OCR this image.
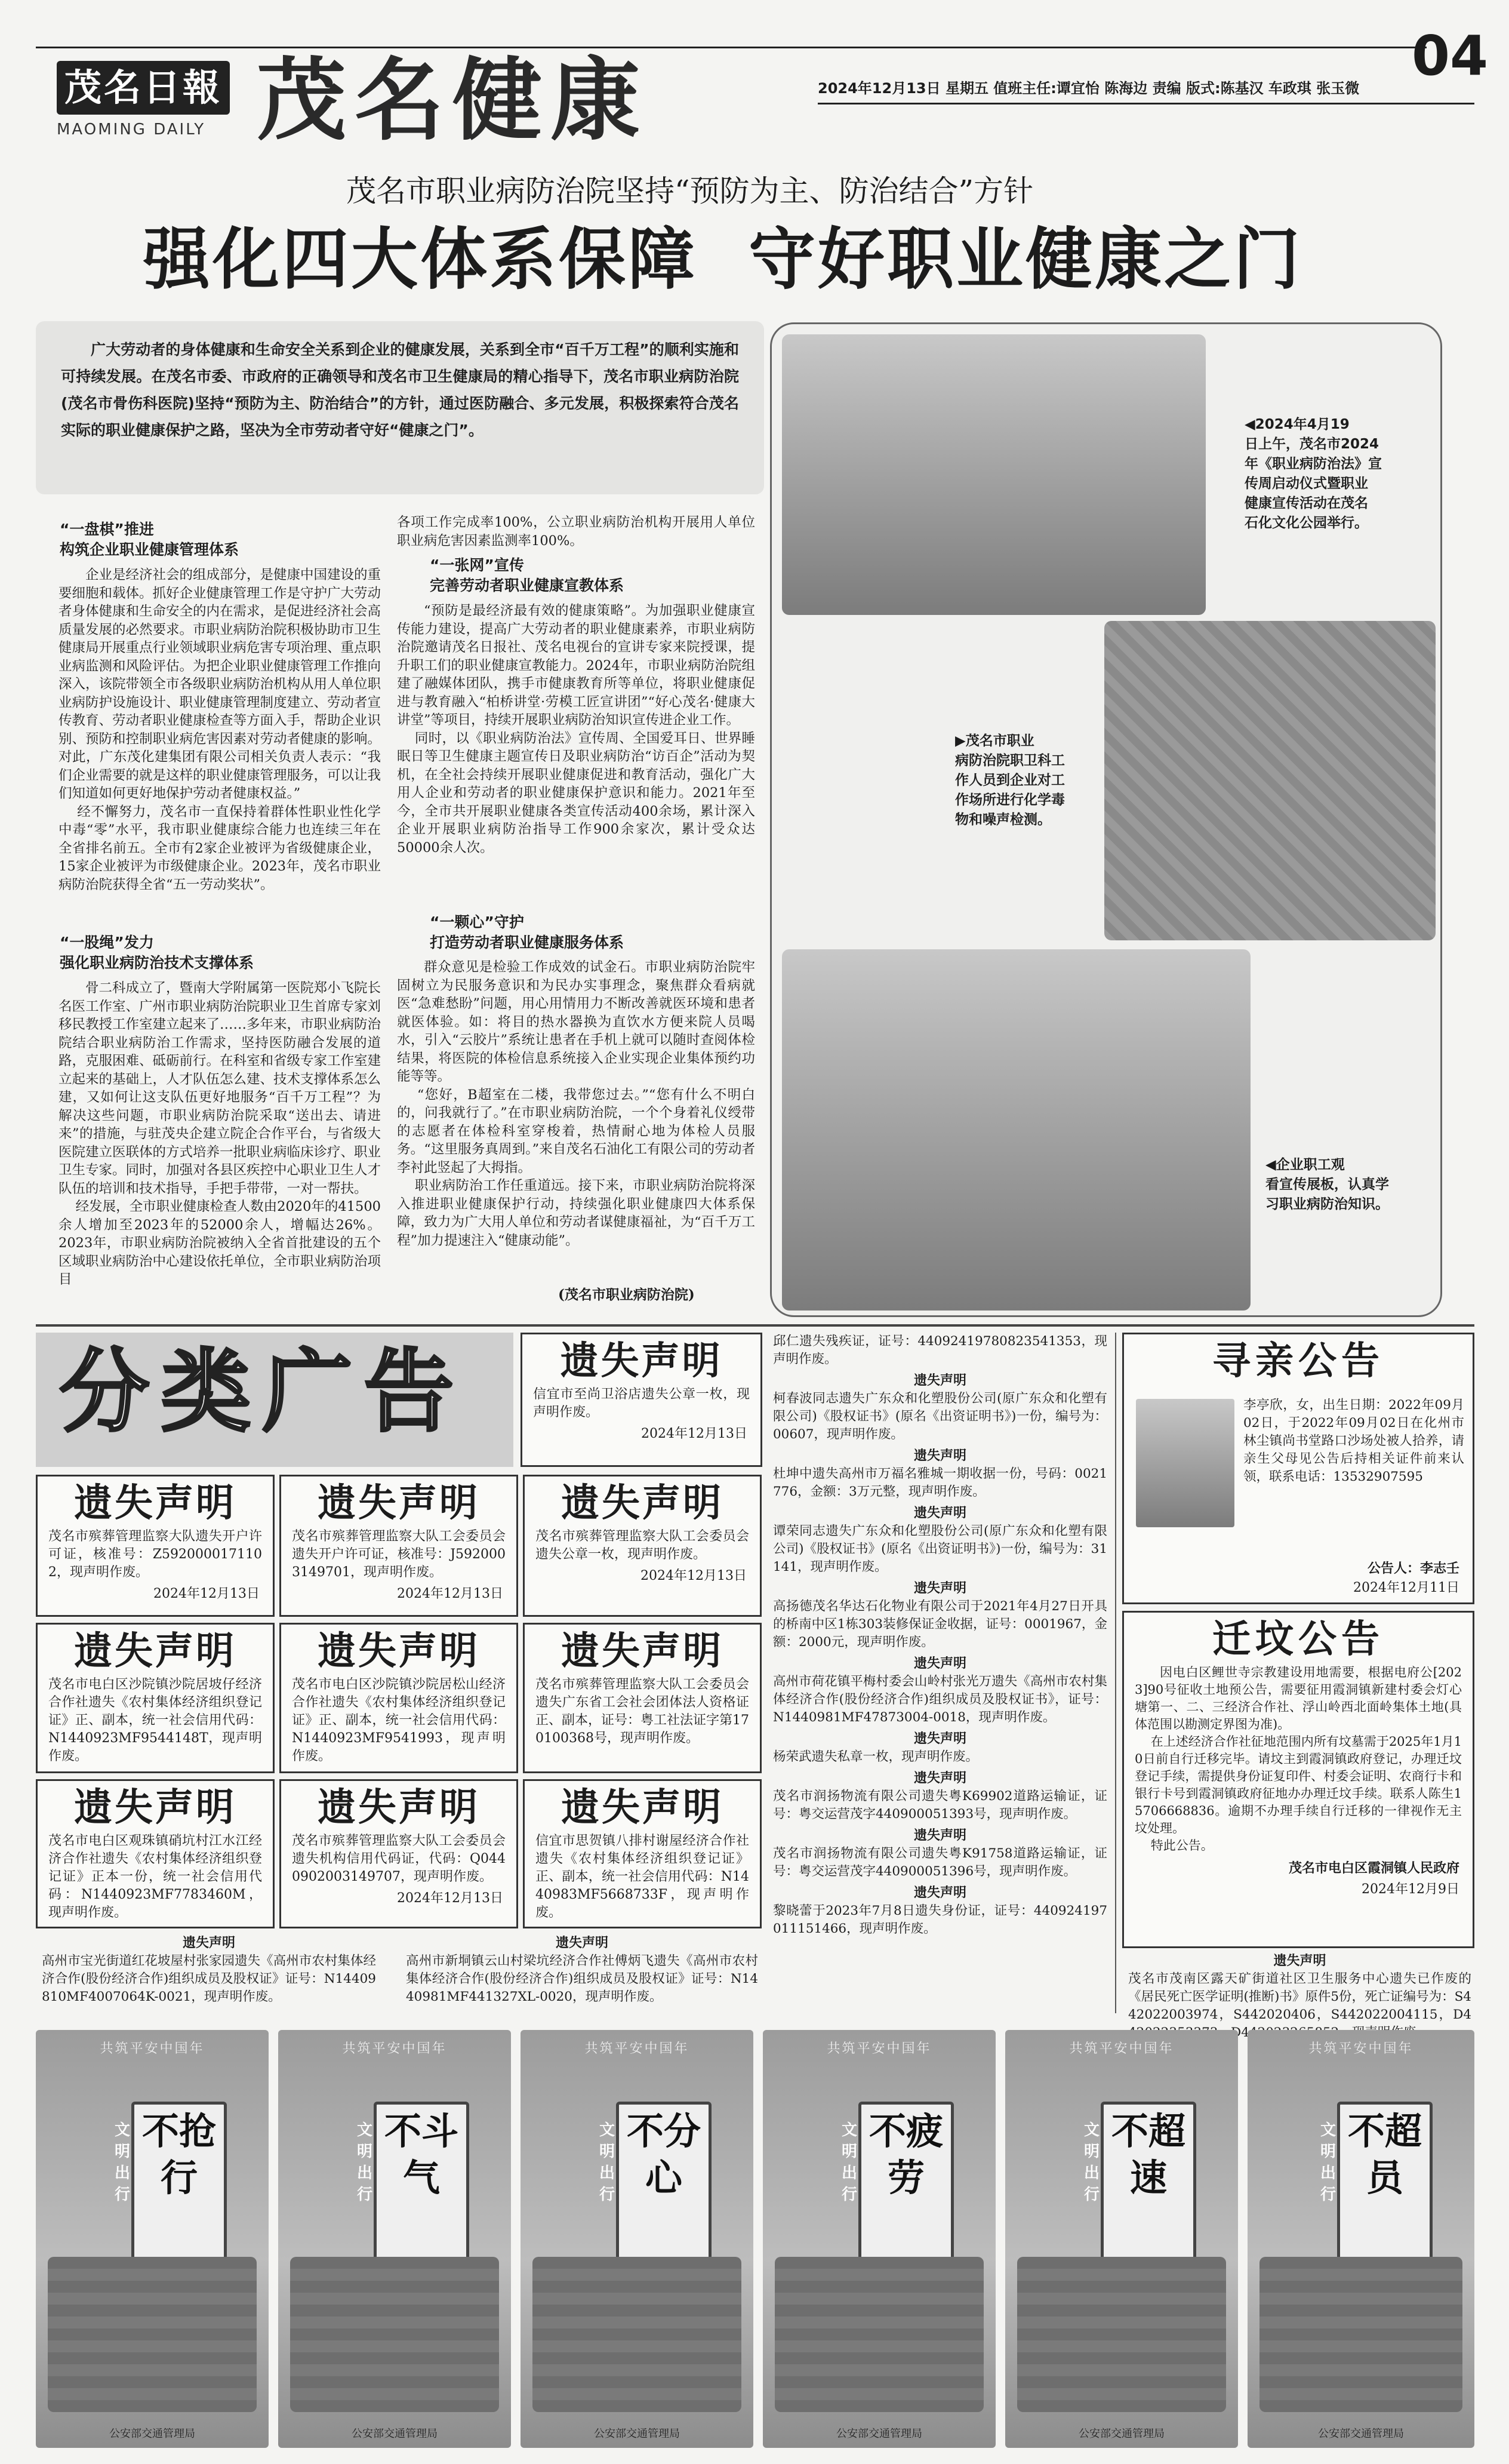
茂名日報
MAOMING DAILY 茂名健康	2024年12月13日 星期五 值班主任:谭宜怡 陈海边 责编 版式:陈基汉 车政琪 张玉微
04
茂名市职业病防治院坚持“预防为主、防治结合”方针
强化四大体系保障  守好职业健康之门
广大劳动者的身体健康和生命安全关系到企业的健康发展，关系到全市“百千万工程”的顺利实施和可持续发展。在茂名市委、市政府的正确领导和茂名市卫生健康局的精心指导下，茂名市职业病防治院(茂名市骨伤科医院)坚持“预防为主、防治结合”的方针，通过医防融合、多元发展，积极探索符合茂名实际的职业健康保护之路，坚决为全市劳动者守好“健康之门”。
“一盘棋”推进
构筑企业职业健康管理体系
企业是经济社会的组成部分，是健康中国建设的重要细胞和载体。抓好企业健康管理工作是守护广大劳动者身体健康和生命安全的内在需求，是促进经济社会高质量发展的必然要求。市职业病防治院积极协助市卫生健康局开展重点行业领域职业病危害专项治理、重点职业病监测和风险评估。为把企业职业健康管理工作推向深入，该院带领全市各级职业病防治机构从用人单位职业病防护设施设计、职业健康管理制度建立、劳动者宣传教育、劳动者职业健康检查等方面入手，帮助企业识别、预防和控制职业病危害因素对劳动者健康的影响。对此，广东茂化建集团有限公司相关负责人表示：“我们企业需要的就是这样的职业健康管理服务，可以让我们知道如何更好地保护劳动者健康权益。”
经不懈努力，茂名市一直保持着群体性职业性化学中毒“零”水平，我市职业健康综合能力也连续三年在全省排名前五。全市有2家企业被评为省级健康企业，15家企业被评为市级健康企业。2023年，茂名市职业病防治院获得全省“五一劳动奖状”。
“一股绳”发力
强化职业病防治技术支撑体系
骨二科成立了，暨南大学附属第一医院郑小飞院长名医工作室、广州市职业病防治院职业卫生首席专家刘移民教授工作室建立起来了……多年来，市职业病防治院结合职业病防治工作需求，坚持医防融合发展的道路，克服困难、砥砺前行。在科室和省级专家工作室建立起来的基础上，人才队伍怎么建、技术支撑体系怎么建，又如何让这支队伍更好地服务“百千万工程”？为解决这些问题，市职业病防治院采取“送出去、请进来”的措施，与驻茂央企建立院企合作平台，与省级大医院建立医联体的方式培养一批职业病临床诊疗、职业卫生专家。同时，加强对各县区疾控中心职业卫生人才队伍的培训和技术指导，手把手带带，一对一帮扶。
经发展，全市职业健康检查人数由2020年的41500余人增加至2023年的52000余人，增幅达26%。2023年，市职业病防治院被纳入全省首批建设的五个区域职业病防治中心建设依托单位，全市职业病防治项目
各项工作完成率100%，公立职业病防治机构开展用人单位职业病危害因素监测率100%。
“一张网”宣传
完善劳动者职业健康宣教体系
“预防是最经济最有效的健康策略”。为加强职业健康宣传能力建设，提高广大劳动者的职业健康素养，市职业病防治院邀请茂名日报社、茂名电视台的宣讲专家来院授课，提升职工们的职业健康宣教能力。2024年，市职业病防治院组建了融媒体团队，携手市健康教育所等单位，将职业健康促进与教育融入“柏桥讲堂·劳模工匠宣讲团”“好心茂名·健康大讲堂”等项目，持续开展职业病防治知识宣传进企业工作。
同时，以《职业病防治法》宣传周、全国爱耳日、世界睡眠日等卫生健康主题宣传日及职业病防治“访百企”活动为契机，在全社会持续开展职业健康促进和教育活动，强化广大用人企业和劳动者的职业健康保护意识和能力。2021年至今，全市共开展职业健康各类宣传活动400余场，累计深入企业开展职业病防治指导工作900余家次，累计受众达50000余人次。
“一颗心”守护
打造劳动者职业健康服务体系
群众意见是检验工作成效的试金石。市职业病防治院牢固树立为民服务意识和为民办实事理念，聚焦群众看病就医“急难愁盼”问题，用心用情用力不断改善就医环境和患者就医体验。如：将目的热水器换为直饮水方便来院人员喝水，引入“云胶片”系统让患者在手机上就可以随时查阅体检结果，将医院的体检信息系统接入企业实现企业集体预约功能等等。
“您好，B超室在二楼，我带您过去。”“您有什么不明白的，问我就行了。”在市职业病防治院，一个个身着礼仪绶带的志愿者在体检科室穿梭着，热情耐心地为体检人员服务。“这里服务真周到。”来自茂名石油化工有限公司的劳动者李衬此竖起了大拇指。
职业病防治工作任重道远。接下来，市职业病防治院将深入推进职业健康保护行动，持续强化职业健康四大体系保障，致力为广大用人单位和劳动者谋健康福祉，为“百千万工程”加力提速注入“健康动能”。
(茂名市职业病防治院)
◀2024年4月19
日上午，茂名市2024
年《职业病防治法》宣
传周启动仪式暨职业
健康宣传活动在茂名
石化文化公园举行。
▶茂名市职业
病防治院职卫科工
作人员到企业对工
作场所进行化学毒
物和噪声检测。
◀企业职工观
看宣传展板，认真学
习职业病防治知识。
分类广告	遗失声明

信宜市至尚卫浴店遗失公章一枚，现声明作废。

2024年12月13日
遗失声明

茂名市殡葬管理监察大队遗失开户许可证，核准号：Z5920000171102，现声明作废。

2024年12月13日
遗失声明

茂名市殡葬管理监察大队工会委员会遗失开户许可证，核准号：J5920003149701，现声明作废。

2024年12月13日
遗失声明

茂名市殡葬管理监察大队工会委员会遗失公章一枚，现声明作废。

2024年12月13日
遗失声明

茂名市电白区沙院镇沙院居坡仔经济合作社遗失《农村集体经济组织登记证》正、副本，统一社会信用代码：N1440923MF9544148T，现声明作废。

遗失声明

茂名市电白区沙院镇沙院居松山经济合作社遗失《农村集体经济组织登记证》正、副本，统一社会信用代码：N1440923MF9541993，现声明作废。

遗失声明

茂名市殡葬管理监察大队工会委员会遗失广东省工会社会团体法人资格证正、副本，证号：粤工社法证字第170100368号，现声明作废。

遗失声明

茂名市电白区观珠镇硝坑村江水江经济合作社遗失《农村集体经济组织登记证》正本一份，统一社会信用代码：N1440923MF7783460M，现声明作废。

遗失声明

茂名市殡葬管理监察大队工会委员会遗失机构信用代码证，代码：Q0440902003149707，现声明作废。

2024年12月13日
遗失声明

信宜市思贺镇八排村谢屋经济合作社遗失《农村集体经济组织登记证》正、副本，统一社会信用代码：N1440983MF5668733F，现声明作废。

遗失声明
高州市宝光街道红花坡屋村张家园遗失《高州市农村集体经济合作(股份经济合作)组织成员及股权证》证号：N14409810MF4007064K-0021，现声明作废。
遗失声明
高州市新垌镇云山村梁坑经济合作社傅炳飞遗失《高州市农村集体经济合作(股份经济合作)组织成员及股权证》证号：N1440981MF441327XL-0020，现声明作废。
邱仁遗失残疾证，证号：44092419780823541353，现声明作废。
遗失声明
柯春波同志遗失广东众和化塑股份公司(原广东众和化塑有限公司)《股权证书》(原名《出资证明书》)一份，编号为：00607，现声明作废。
遗失声明
杜坤中遗失高州市万福名雅城一期收据一份，号码：0021776，金额：3万元整，现声明作废。
遗失声明
谭荣同志遗失广东众和化塑股份公司(原广东众和化塑有限公司)《股权证书》(原名《出资证明书》)一份，编号为：31141，现声明作废。
遗失声明
高扬德茂名华达石化物业有限公司于2021年4月27日开具的桥南中区1栋303装修保证金收据，证号：0001967，金额：2000元，现声明作废。
遗失声明
高州市荷花镇平梅村委会山岭村张光万遗失《高州市农村集体经济合作(股份经济合作)组织成员及股权证书》，证号：N1440981MF47873004-0018，现声明作废。
遗失声明
杨荣武遗失私章一枚，现声明作废。
遗失声明
茂名市润扬物流有限公司遗失粤K69902道路运输证，证号：粤交运营茂字440900051393号，现声明作废。
遗失声明
茂名市润扬物流有限公司遗失粤K91758道路运输证，证号：粤交运营茂字440900051396号，现声明作废。
遗失声明
黎晓蕾于2023年7月8日遗失身份证，证号：440924197011151466，现声明作废。
寻亲公告
李亭欣，女，出生日期：2022年09月02日，于2022年09月02日在化州市林尘镇尚书堂路口沙场处被人拾养，请亲生父母见公告后持相关证件前来认领，联系电话：13532907595
公告人：李志壬
2024年12月11日
迁坟公告
因电白区鲤世寺宗教建设用地需要，根据电府公[2023]90号征收土地预公告，需要征用霞洞镇新建村委会灯心塘第一、二、三经济合作社、浮山岭西北面岭集体土地(具体范围以勘测定界图为准)。
在上述经济合作社征地范围内所有坟墓需于2025年1月10日前自行迁移完毕。请坟主到霞洞镇政府登记，办理迁坟登记手续，需提供身份证复印件、村委会证明、农商行卡和银行卡号到霞洞镇政府征地办办理迁坟手续。联系人陈生15706668836。逾期不办理手续自行迁移的一律视作无主坟处理。
特此公告。
茂名市电白区霞洞镇人民政府
2024年12月9日
遗失声明
茂名市茂南区露天矿街道社区卫生服务中心遗失已作废的《居民死亡医学证明(推断)书》原件5份，死亡证编号为：S442022003974，S442020406，S442022004115，D4 D4
共筑平安中国年
文明出行
不抢行
公安部交通管理局
共筑平安中国年
文明出行
不斗气
公安部交通管理局
共筑平安中国年
文明出行
不分心
公安部交通管理局
共筑平安中国年
文明出行
不疲劳
公安部交通管理局
共筑平安中国年
文明出行
不超速
公安部交通管理局
共筑平安中国年
文明出行
不超员
公安部交通管理局
